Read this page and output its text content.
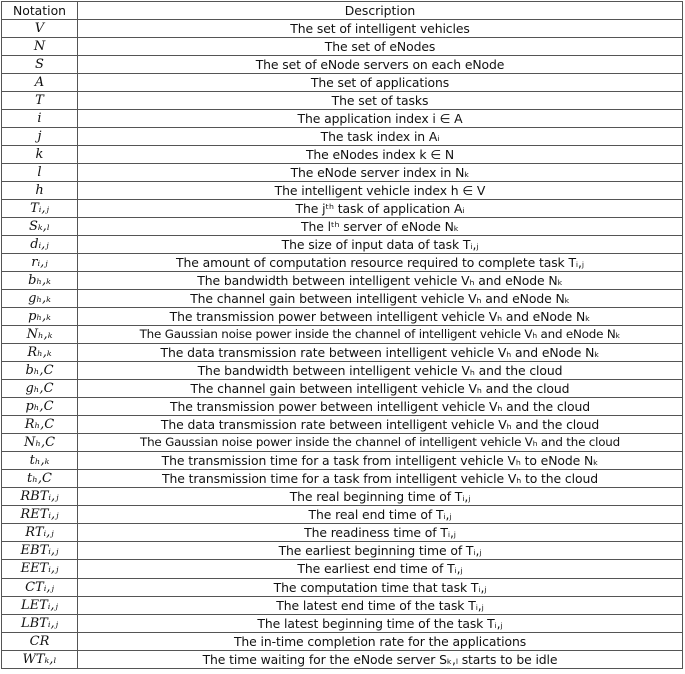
Notation	Description
V	The set of intelligent vehicles
N	The set of eNodes
S	The set of eNode servers on each eNode
A	The set of applications
T	The set of tasks
i	The application index i ∈ A
j	The task index in Aᵢ
k	The eNodes index k ∈ N
l	The eNode server index in Nₖ
h	The intelligent vehicle index h ∈ V
Tᵢ,ⱼ	The jᵗʰ task of application Aᵢ
Sₖ,ₗ	The lᵗʰ server of eNode Nₖ
dᵢ,ⱼ	The size of input data of task Tᵢ,ⱼ
rᵢ,ⱼ	The amount of computation resource required to complete task Tᵢ,ⱼ
bₕ,ₖ	The bandwidth between intelligent vehicle Vₕ and eNode Nₖ
gₕ,ₖ	The channel gain between intelligent vehicle Vₕ and eNode Nₖ
pₕ,ₖ	The transmission power between intelligent vehicle Vₕ and eNode Nₖ
Nₕ,ₖ	The Gaussian noise power inside the channel of intelligent vehicle Vₕ and eNode Nₖ
Rₕ,ₖ	The data transmission rate between intelligent vehicle Vₕ and eNode Nₖ
bₕ,C	The bandwidth between intelligent vehicle Vₕ and the cloud
gₕ,C	The channel gain between intelligent vehicle Vₕ and the cloud
pₕ,C	The transmission power between intelligent vehicle Vₕ and the cloud
Rₕ,C	The data transmission rate between intelligent vehicle Vₕ and the cloud
Nₕ,C	The Gaussian noise power inside the channel of intelligent vehicle Vₕ and the cloud
tₕ,ₖ	The transmission time for a task from intelligent vehicle Vₕ to eNode Nₖ
tₕ,C	The transmission time for a task from intelligent vehicle Vₕ to the cloud
RBTᵢ,ⱼ	The real beginning time of Tᵢ,ⱼ
RETᵢ,ⱼ	The real end time of Tᵢ,ⱼ
RTᵢ,ⱼ	The readiness time of Tᵢ,ⱼ
EBTᵢ,ⱼ	The earliest beginning time of Tᵢ,ⱼ
EETᵢ,ⱼ	The earliest end time of Tᵢ,ⱼ
CTᵢ,ⱼ	The computation time that task Tᵢ,ⱼ
LETᵢ,ⱼ	The latest end time of the task Tᵢ,ⱼ
LBTᵢ,ⱼ	The latest beginning time of the task Tᵢ,ⱼ
CR	The in-time completion rate for the applications
WTₖ,ₗ	The time waiting for the eNode server Sₖ,ₗ starts to be idle
